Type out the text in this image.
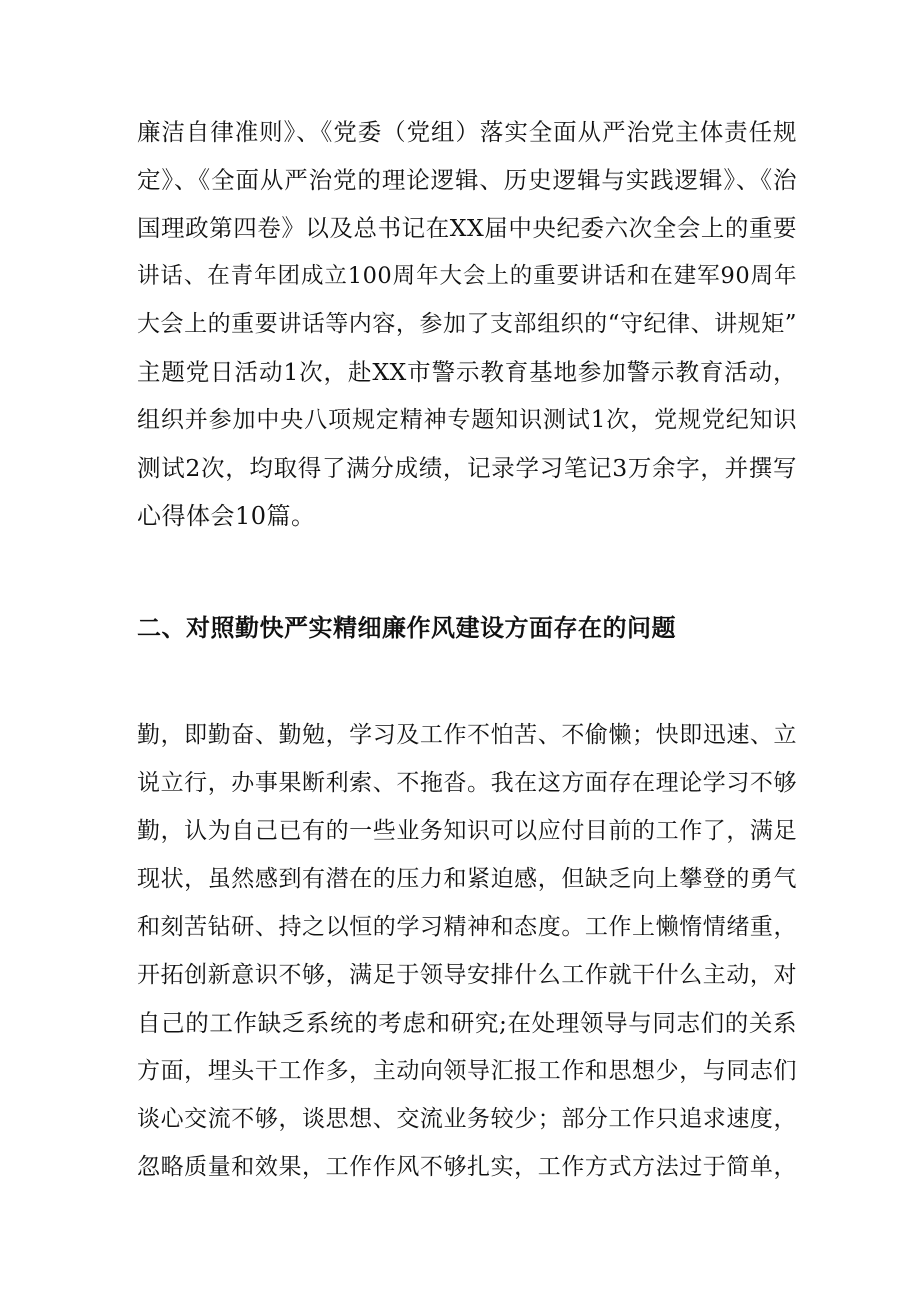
廉洁自律准则》、《党委（党组）落实全面从严治党主体责任规
定》、《全面从严治党的理论逻辑、历史逻辑与实践逻辑》、《治
国理政第四卷》以及总书记在XX届中央纪委六次全会上的重要
讲话、在青年团成立100周年大会上的重要讲话和在建军90周年
大会上的重要讲话等内容，参加了支部组织的“守纪律、讲规矩”
主题党日活动1次，赴XX市警示教育基地参加警示教育活动，
组织并参加中央八项规定精神专题知识测试1次，党规党纪知识
测试2次，均取得了满分成绩，记录学习笔记3万余字，并撰写
心得体会10篇。
二、对照勤快严实精细廉作风建设方面存在的问题
勤，即勤奋、勤勉，学习及工作不怕苦、不偷懒；快即迅速、立
说立行，办事果断利索、不拖沓。我在这方面存在理论学习不够
勤，认为自己已有的一些业务知识可以应付目前的工作了，满足
现状，虽然感到有潜在的压力和紧迫感，但缺乏向上攀登的勇气
和刻苦钻研、持之以恒的学习精神和态度。工作上懒惰情绪重，
开拓创新意识不够，满足于领导安排什么工作就干什么主动，对
自己的工作缺乏系统的考虑和研究;在处理领导与同志们的关系
方面，埋头干工作多，主动向领导汇报工作和思想少，与同志们
谈心交流不够，谈思想、交流业务较少；部分工作只追求速度，
忽略质量和效果，工作作风不够扎实，工作方式方法过于简单，
